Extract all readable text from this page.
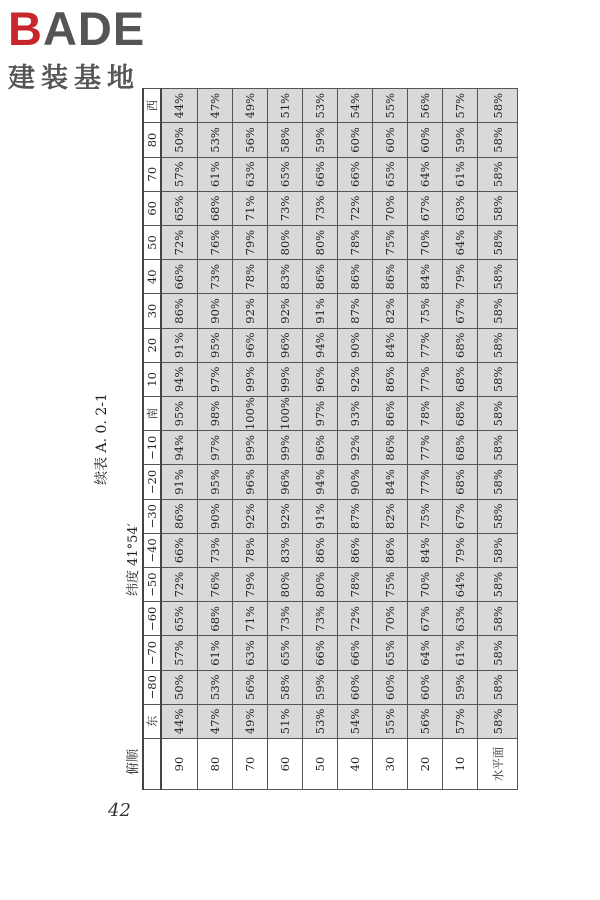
BADE
建装基地
续表 A. 0. 2-1
俯顺
纬度 41°54′
	东	−80	−70	−60	−50	−40	−30	−20	−10	南	10	20	30	40	50	60	70	80	西
90	44%	50%	57%	65%	72%	66%	86%	91%	94%	95%	94%	91%	86%	66%	72%	65%	57%	50%	44%
80	47%	53%	61%	68%	76%	73%	90%	95%	97%	98%	97%	95%	90%	73%	76%	68%	61%	53%	47%
70	49%	56%	63%	71%	79%	78%	92%	96%	99%	100%	99%	96%	92%	78%	79%	71%	63%	56%	49%
60	51%	58%	65%	73%	80%	83%	92%	96%	99%	100%	99%	96%	92%	83%	80%	73%	65%	58%	51%
50	53%	59%	66%	73%	80%	86%	91%	94%	96%	97%	96%	94%	91%	86%	80%	73%	66%	59%	53%
40	54%	60%	66%	72%	78%	86%	87%	90%	92%	93%	92%	90%	87%	86%	78%	72%	66%	60%	54%
30	55%	60%	65%	70%	75%	86%	82%	84%	86%	86%	86%	84%	82%	86%	75%	70%	65%	60%	55%
20	56%	60%	64%	67%	70%	84%	75%	77%	77%	78%	77%	77%	75%	84%	70%	67%	64%	60%	56%
10	57%	59%	61%	63%	64%	79%	67%	68%	68%	68%	68%	68%	67%	79%	64%	63%	61%	59%	57%
水平面	58%	58%	58%	58%	58%	58%	58%	58%	58%	58%	58%	58%	58%	58%	58%	58%	58%	58%	58%
42
